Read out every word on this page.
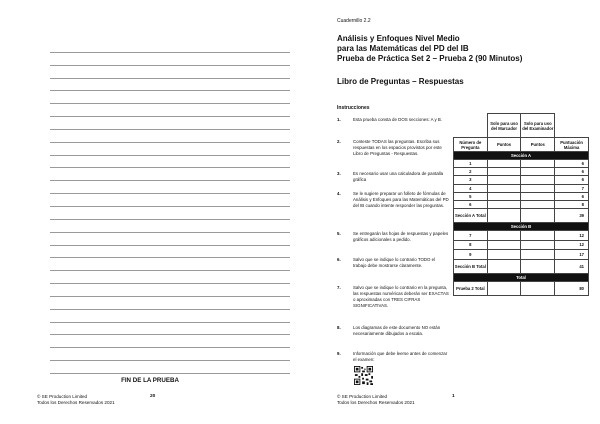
FIN DE LA PRUEBA
© SE Production Limited
Todos los Derechos Reservados 2021
20
Cuadernillo 2.2
Análisis y Enfoques Nivel Medio
para las Matemáticas del PD del IB
Prueba de Práctica Set 2 – Prueba 2 (90 Minutos)
Libro de Preguntas – Respuestas
Instrucciones
1.	Esta prueba consta de DOS secciones: A y B.
2.	Conteste TODAS las preguntas. Escriba sus respuestas en los espacios provistos por este Libro de Preguntas - Respuestas.
3.	Es necesario usar una calculadora de pantalla gráfica
4.	Se le sugiere preparar un folleto de fórmulas de Análisis y Enfoques para las Matemáticas del PD del IB cuando intente responder las preguntas.
5.	Se entregarán las hojas de respuestas y papeles gráficos adicionales a pedido.
6.	Salvo que se indique lo contrario TODO el trabajo debe mostrarse claramente.
7.	Salvo que se indique lo contrario en la pregunta, las respuestas numéricas deberán ser EXACTAS o aproximadas con TRES CIFRAS SIGNIFICATIVAS.
8.	Los diagramas de este documento NO están necesariamente dibujados a escala.
9.	Información que debe leerse antes de comenzar el examen:
	Solo para uso del Marcador	Solo para uso del Examinador	
Número de Pregunta	Puntos	Puntos	Puntuación Máxima
Sección A			
1			6
2			6
3			6
4			7
5			6
6			8
Sección A Total			39
Sección B			
7			12
8			12
9			17
Sección B Total			41
Total			
Prueba 2 Total			80
© SE Production Limited
Todos los Derechos Reservados 2021
1
